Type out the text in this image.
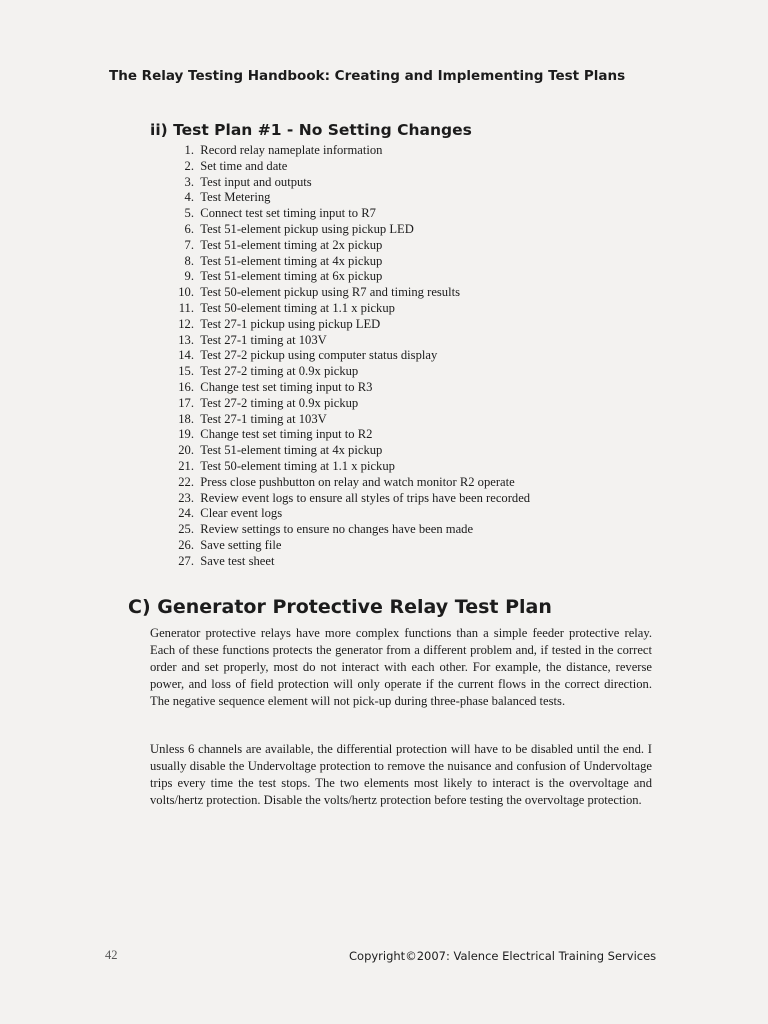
The Relay Testing Handbook: Creating and Implementing Test Plans
ii) Test Plan #1 - No Setting Changes
1. Record relay nameplate information
2. Set time and date
3. Test input and outputs
4. Test Metering
5. Connect test set timing input to R7
6. Test 51-element pickup using pickup LED
7. Test 51-element timing at 2x pickup
8. Test 51-element timing at 4x pickup
9. Test 51-element timing at 6x pickup
10. Test 50-element pickup using R7 and timing results
11. Test 50-element timing at 1.1 x pickup
12. Test 27-1 pickup using pickup LED
13. Test 27-1 timing at 103V
14. Test 27-2 pickup using computer status display
15. Test 27-2 timing at 0.9x pickup
16. Change test set timing input to R3
17. Test 27-2 timing at 0.9x pickup
18. Test 27-1 timing at 103V
19. Change test set timing input to R2
20. Test 51-element timing at 4x pickup
21. Test 50-element timing at 1.1 x pickup
22. Press close pushbutton on relay and watch monitor R2 operate
23. Review event logs to ensure all styles of trips have been recorded
24. Clear event logs
25. Review settings to ensure no changes have been made
26. Save setting file
27. Save test sheet
C) Generator Protective Relay Test Plan

Generator protective relays have more complex functions than a simple feeder protective relay. Each of these functions protects the generator from a different problem and, if tested in the correct order and set properly, most do not interact with each other. For example, the distance, reverse power, and loss of field protection will only operate if the current flows in the correct direction. The negative sequence element will not pick-up during three-phase balanced tests.

Unless 6 channels are available, the differential protection will have to be disabled until the end. I usually disable the Undervoltage protection to remove the nuisance and confusion of Undervoltage trips every time the test stops. The two elements most likely to interact is the overvoltage and volts/hertz protection. Disable the volts/hertz protection before testing the overvoltage protection.

42	Copyright©2007: Valence Electrical Training Services
